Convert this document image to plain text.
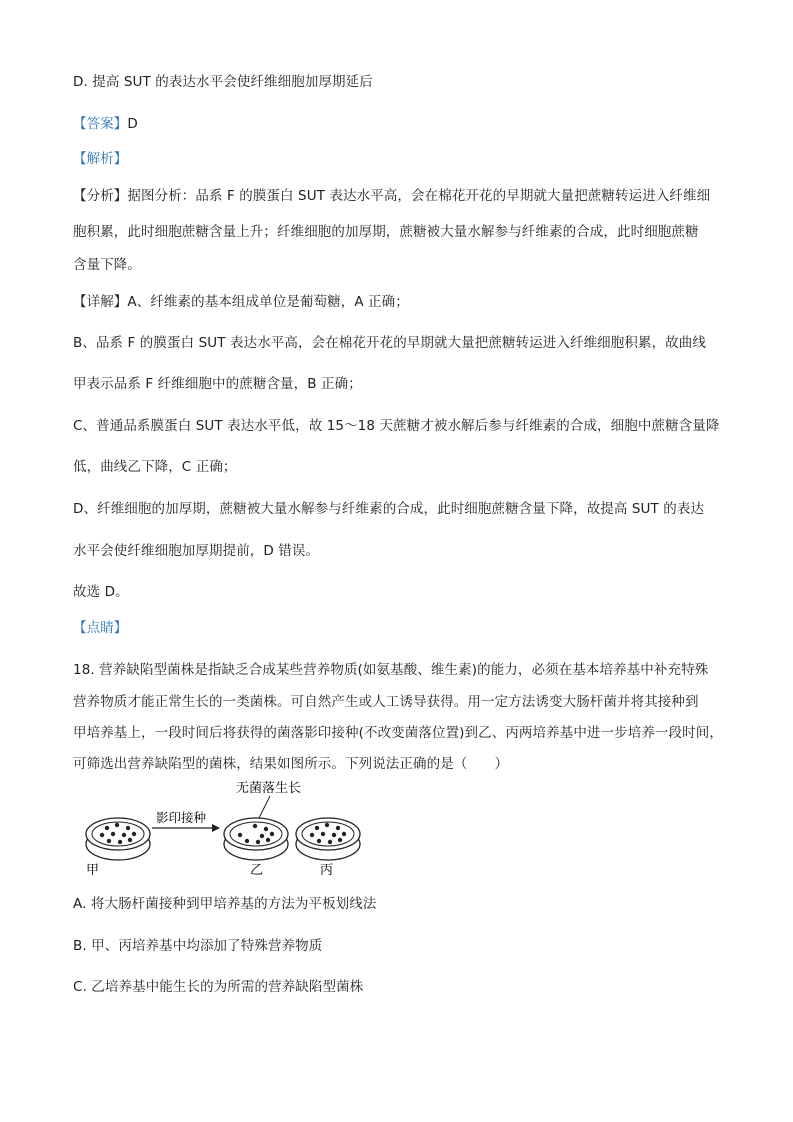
D. 提高 SUT 的表达水平会使纤维细胞加厚期延后
【答案】D
【解析】
【分析】据图分析：品系 F 的膜蛋白 SUT 表达水平高，会在棉花开花的早期就大量把蔗糖转运进入纤维细
胞积累，此时细胞蔗糖含量上升；纤维细胞的加厚期，蔗糖被大量水解参与纤维素的合成，此时细胞蔗糖
含量下降。
【详解】A、纤维素的基本组成单位是葡萄糖，A 正确；
B、品系 F 的膜蛋白 SUT 表达水平高，会在棉花开花的早期就大量把蔗糖转运进入纤维细胞积累，故曲线
甲表示品系 F 纤维细胞中的蔗糖含量，B 正确；
C、普通品系膜蛋白 SUT 表达水平低，故 15～18 天蔗糖才被水解后参与纤维素的合成，细胞中蔗糖含量降
低，曲线乙下降，C 正确；
D、纤维细胞的加厚期，蔗糖被大量水解参与纤维素的合成，此时细胞蔗糖含量下降，故提高 SUT 的表达
水平会使纤维细胞加厚期提前，D 错误。
故选 D。
【点睛】
18. 营养缺陷型菌株是指缺乏合成某些营养物质(如氨基酸、维生素)的能力，必须在基本培养基中补充特殊
营养物质才能正常生长的一类菌株。可自然产生或人工诱导获得。用一定方法诱变大肠杆菌并将其接种到
甲培养基上，一段时间后将获得的菌落影印接种(不改变菌落位置)到乙、丙两培养基中进一步培养一段时间，
可筛选出营养缺陷型的菌株，结果如图所示。下列说法正确的是（　　）
无菌落生长
影印接种
甲	乙	丙
A. 将大肠杆菌接种到甲培养基的方法为平板划线法
B. 甲、丙培养基中均添加了特殊营养物质
C. 乙培养基中能生长的为所需的营养缺陷型菌株
